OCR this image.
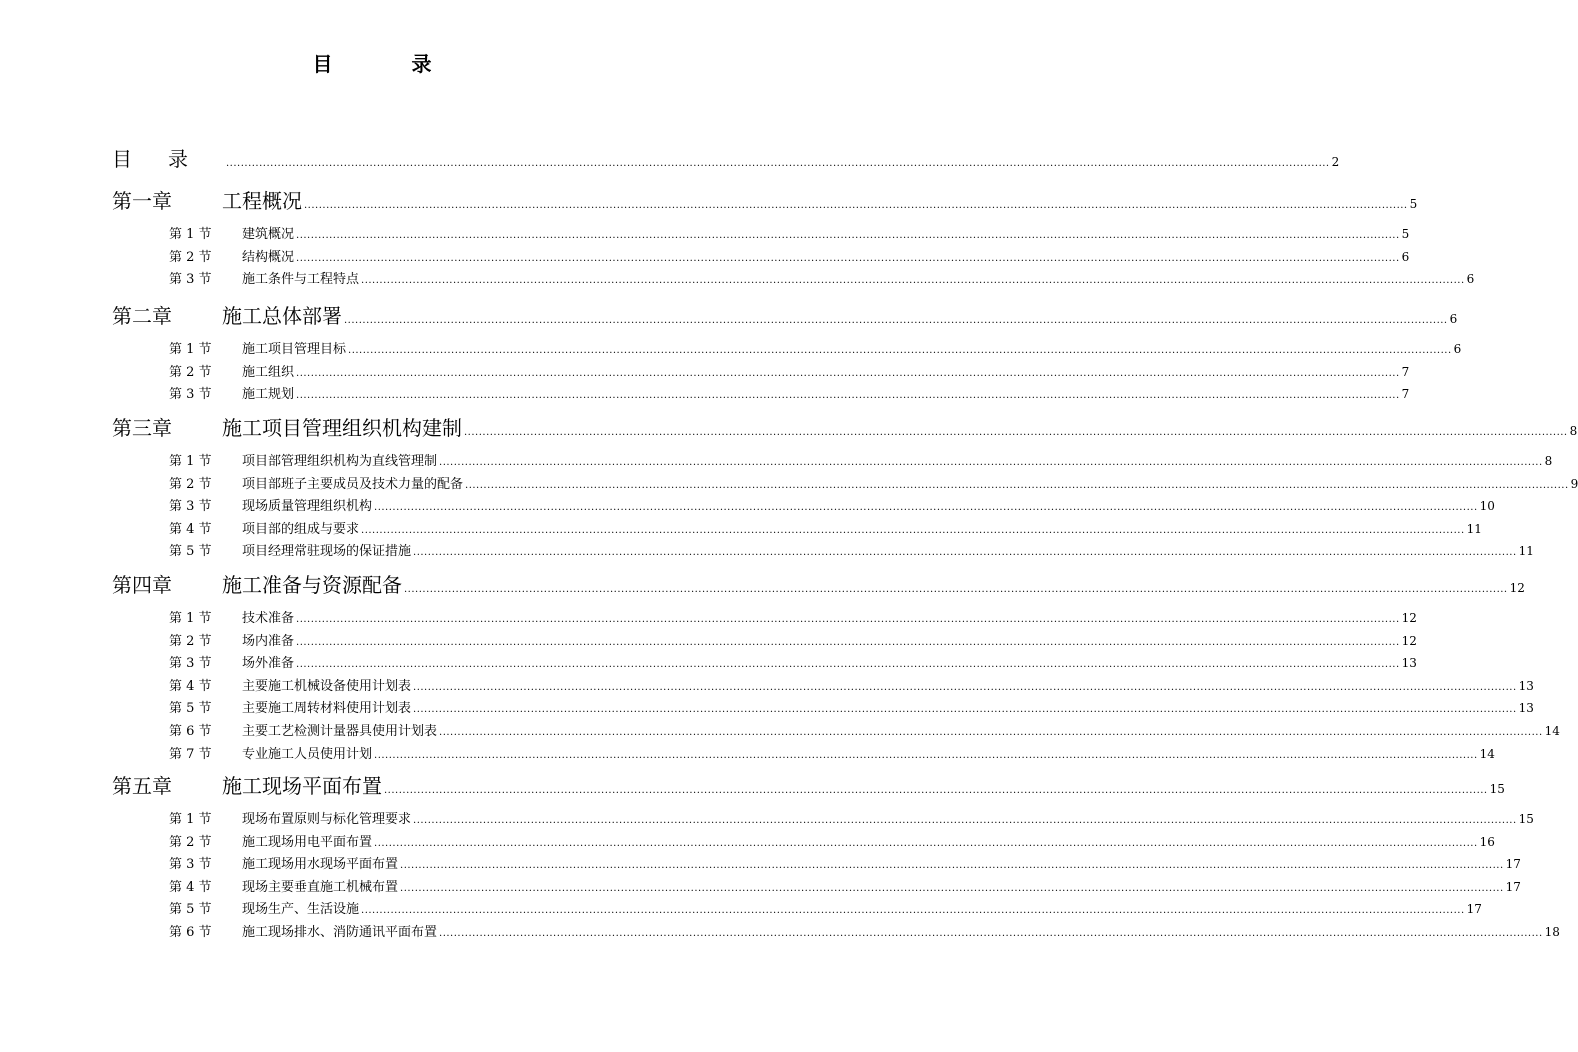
目 录
目录 ............................................................................................................................................................................................................................................................................................................ 2
第一章	工程概况 ............................................................................................................................................................................................................................................................................................................ 5
第 1 节	建筑概况 ............................................................................................................................................................................................................................................................................................................ 5
第 2 节	结构概况 ............................................................................................................................................................................................................................................................................................................ 6
第 3 节	施工条件与工程特点 ............................................................................................................................................................................................................................................................................................................ 6
第二章	施工总体部署 ............................................................................................................................................................................................................................................................................................................ 6
第 1 节	施工项目管理目标 ............................................................................................................................................................................................................................................................................................................ 6
第 2 节	施工组织 ............................................................................................................................................................................................................................................................................................................ 7
第 3 节	施工规划 ............................................................................................................................................................................................................................................................................................................ 7
第三章	施工项目管理组织机构建制 ............................................................................................................................................................................................................................................................................................................ 8
第 1 节	项目部管理组织机构为直线管理制 ............................................................................................................................................................................................................................................................................................................ 8
第 2 节	项目部班子主要成员及技术力量的配备 ............................................................................................................................................................................................................................................................................................................ 9
第 3 节	现场质量管理组织机构 ............................................................................................................................................................................................................................................................................................................ 10
第 4 节	项目部的组成与要求 ............................................................................................................................................................................................................................................................................................................ 11
第 5 节	项目经理常驻现场的保证措施 ............................................................................................................................................................................................................................................................................................................ 11
第四章	施工准备与资源配备 ............................................................................................................................................................................................................................................................................................................ 12
第 1 节	技术准备 ............................................................................................................................................................................................................................................................................................................ 12
第 2 节	场内准备 ............................................................................................................................................................................................................................................................................................................ 12
第 3 节	场外准备 ............................................................................................................................................................................................................................................................................................................ 13
第 4 节	主要施工机械设备使用计划表 ............................................................................................................................................................................................................................................................................................................ 13
第 5 节	主要施工周转材料使用计划表 ............................................................................................................................................................................................................................................................................................................ 13
第 6 节	主要工艺检测计量器具使用计划表 ............................................................................................................................................................................................................................................................................................................ 14
第 7 节	专业施工人员使用计划 ............................................................................................................................................................................................................................................................................................................ 14
第五章	施工现场平面布置 ............................................................................................................................................................................................................................................................................................................ 15
第 1 节	现场布置原则与标化管理要求 ............................................................................................................................................................................................................................................................................................................ 15
第 2 节	施工现场用电平面布置 ............................................................................................................................................................................................................................................................................................................ 16
第 3 节	施工现场用水现场平面布置 ............................................................................................................................................................................................................................................................................................................ 17
第 4 节	现场主要垂直施工机械布置 ............................................................................................................................................................................................................................................................................................................ 17
第 5 节	现场生产、生活设施 ............................................................................................................................................................................................................................................................................................................ 17
第 6 节	施工现场排水、消防通讯平面布置 ............................................................................................................................................................................................................................................................................................................ 18
